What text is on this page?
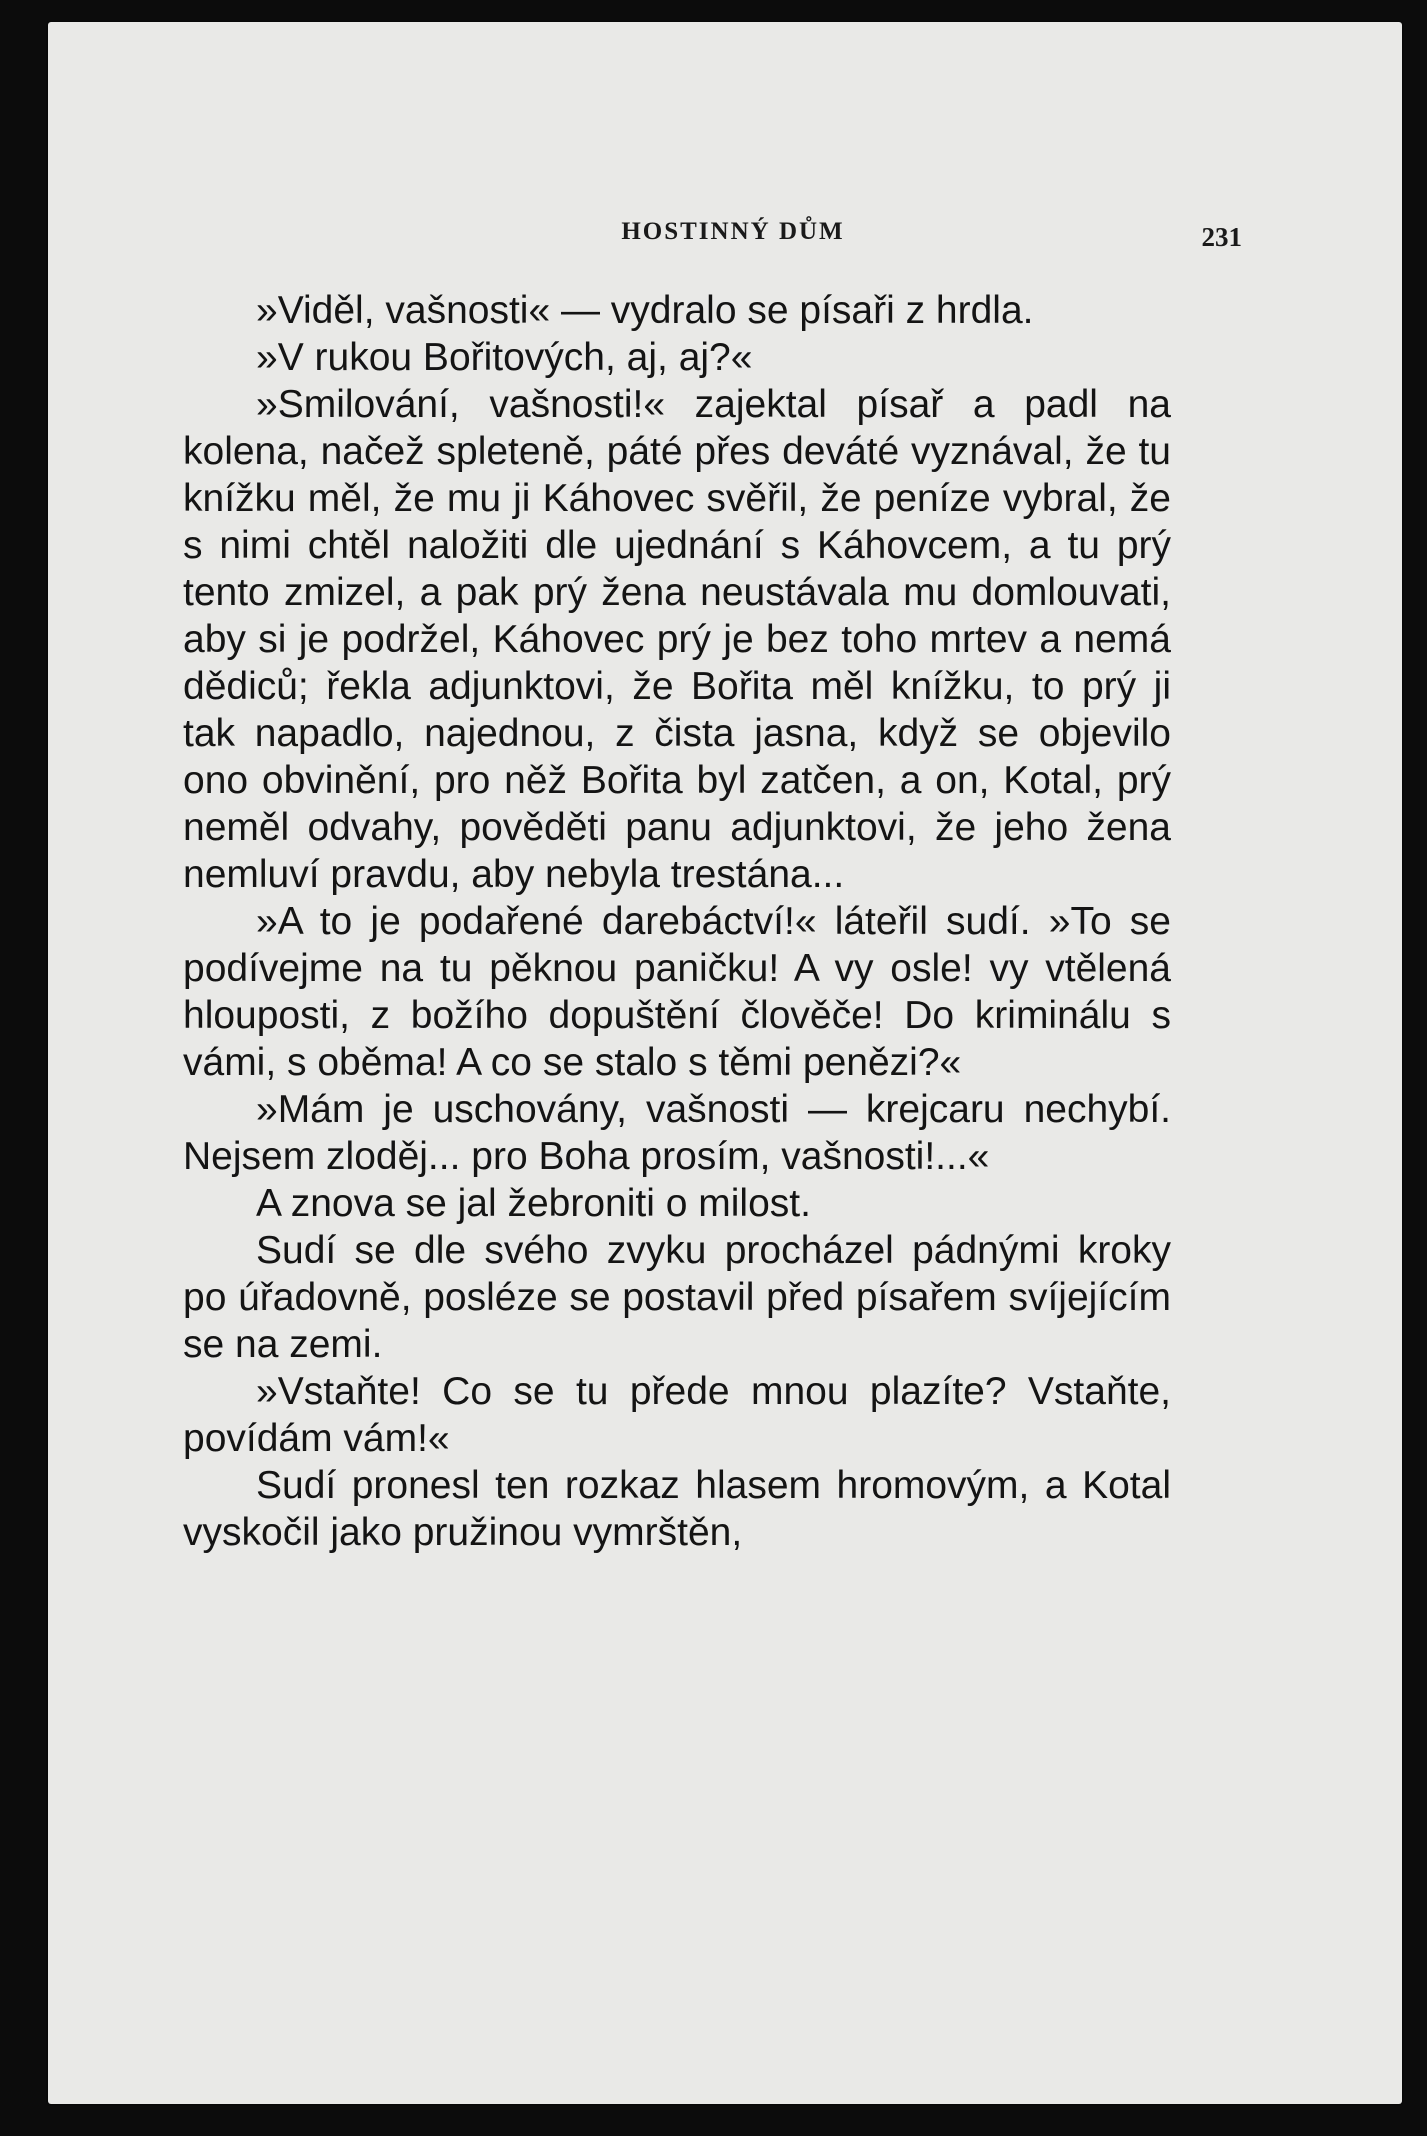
HOSTINNÝ DŮM	231

»Viděl, vašnosti« — vydralo se písaři z hrdla.

»V rukou Bořitových, aj, aj?«

»Smilování, vašnosti!« zajektal písař a padl na kolena, načež spleteně, páté přes deváté vyznával, že tu knížku měl, že mu ji Káhovec svěřil, že peníze vybral, že s nimi chtěl naložiti dle ujednání s Káhovcem, a tu prý tento zmizel, a pak prý žena neustávala mu domlouvati, aby si je podržel, Káhovec prý je bez toho mrtev a nemá dědiců; řekla adjunktovi, že Bořita měl knížku, to prý ji tak napadlo, najednou, z čista jasna, když se objevilo ono obvinění, pro něž Bořita byl zatčen, a on, Kotal, prý neměl odvahy, pověděti panu adjunktovi, že jeho žena nemluví pravdu, aby nebyla trestána...

»A to je podařené darebáctví!« láteřil sudí. »To se podívejme na tu pěknou paničku! A vy osle! vy vtělená hlouposti, z božího dopuštění člověče! Do kriminálu s vámi, s oběma! A co se stalo s těmi penězi?«

»Mám je uschovány, vašnosti — krejcaru nechybí. Nejsem zloděj... pro Boha prosím, vašnosti!...«

A znova se jal žebroniti o milost.

Sudí se dle svého zvyku procházel pádnými kroky po úřadovně, posléze se postavil před písařem svíjejícím se na zemi.

»Vstaňte! Co se tu přede mnou plazíte? Vstaňte, povídám vám!«

Sudí pronesl ten rozkaz hlasem hromovým, a Kotal vyskočil jako pružinou vymrštěn,
